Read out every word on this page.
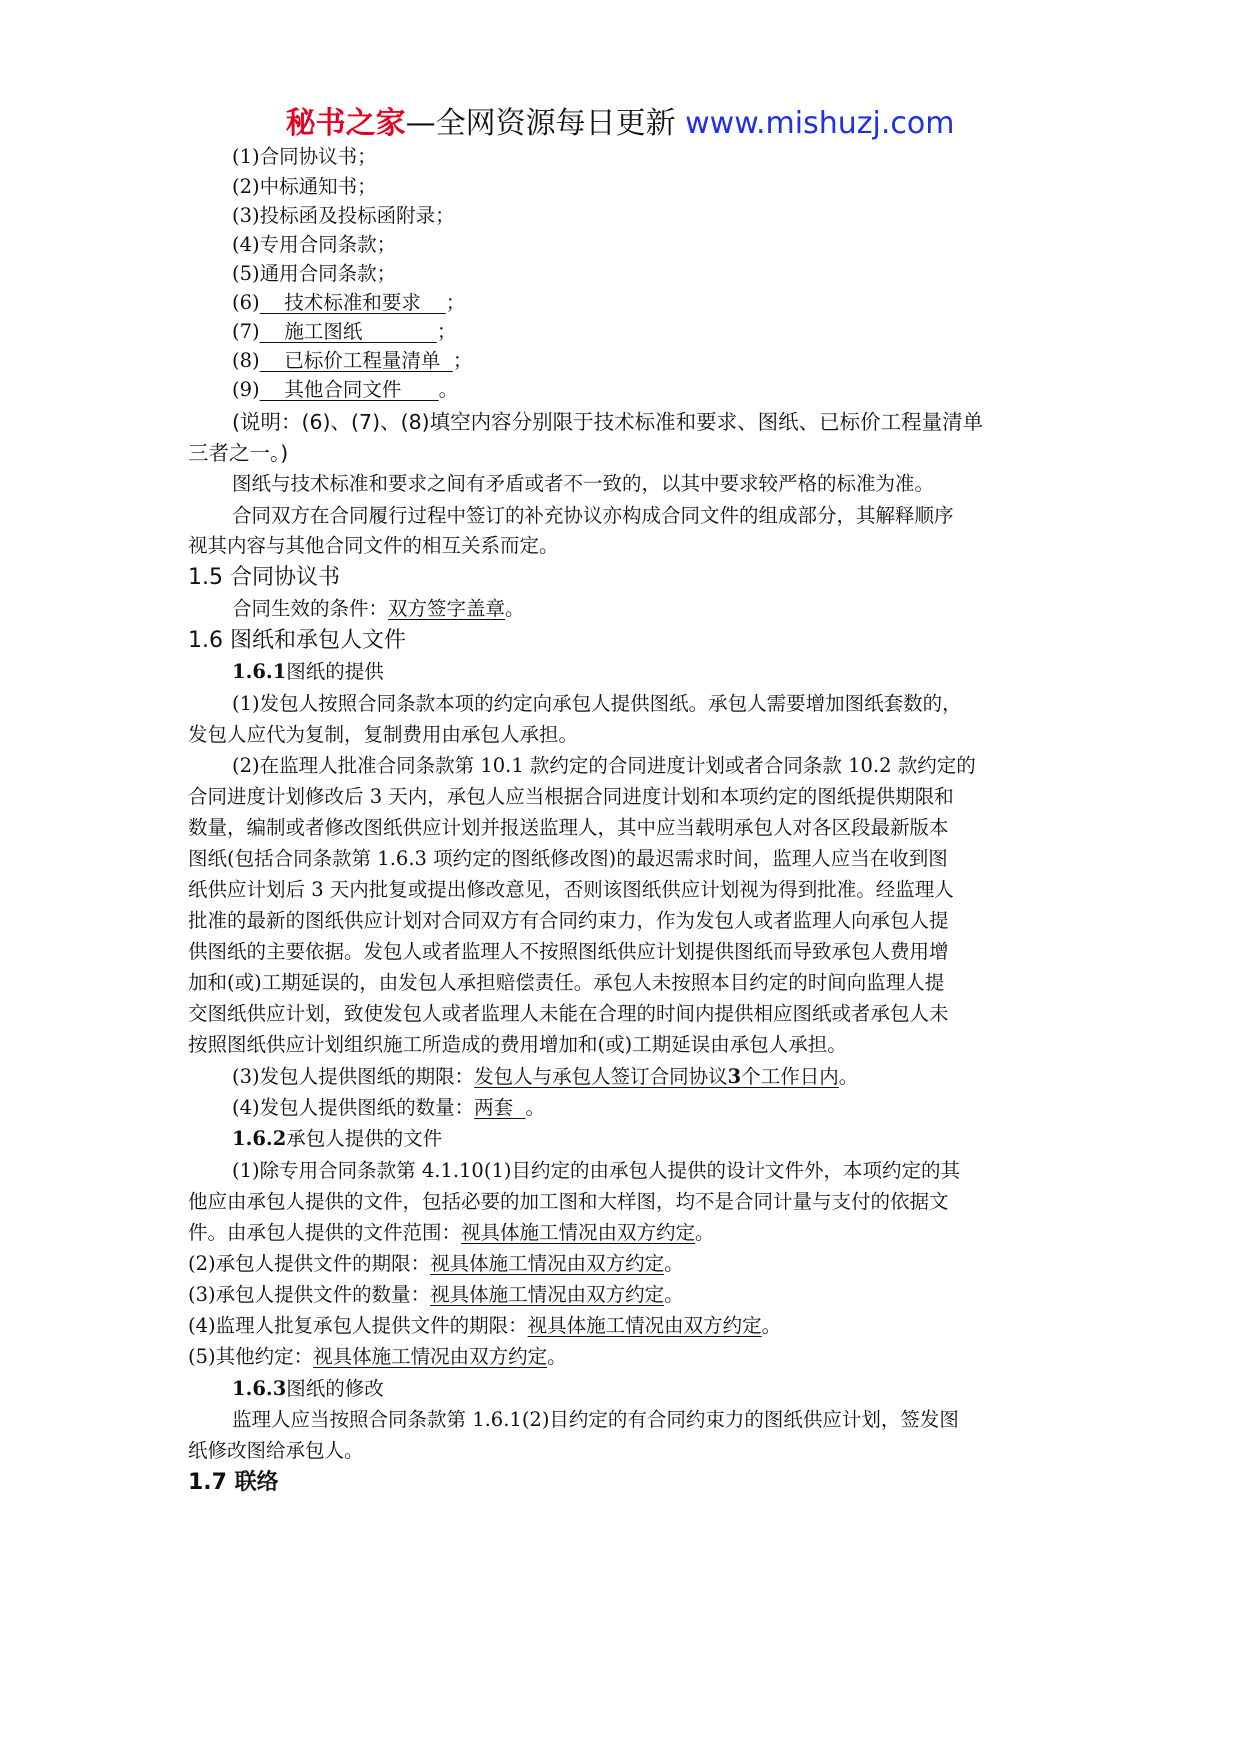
秘书之家—全网资源每日更新 www.mishuzj.com
(1)合同协议书；
(2)中标通知书；
(3)投标函及投标函附录；
(4)专用合同条款；
(5)通用合同条款；
(6)    技术标准和要求    ；
(7)    施工图纸            ；
(8)    已标价工程量清单  ；
(9)    其他合同文件      。
(说明：(6)、(7)、(8)填空内容分别限于技术标准和要求、图纸、已标价工程量清单
三者之一。)
图纸与技术标准和要求之间有矛盾或者不一致的，以其中要求较严格的标准为准。
合同双方在合同履行过程中签订的补充协议亦构成合同文件的组成部分，其解释顺序
视其内容与其他合同文件的相互关系而定。
1.5 合同协议书
合同生效的条件：双方签字盖章。
1.6 图纸和承包人文件
1.6.1图纸的提供
(1)发包人按照合同条款本项的约定向承包人提供图纸。承包人需要增加图纸套数的，
发包人应代为复制，复制费用由承包人承担。
(2)在监理人批准合同条款第 10.1 款约定的合同进度计划或者合同条款 10.2 款约定的
合同进度计划修改后 3 天内，承包人应当根据合同进度计划和本项约定的图纸提供期限和
数量，编制或者修改图纸供应计划并报送监理人，其中应当载明承包人对各区段最新版本
图纸(包括合同条款第 1.6.3 项约定的图纸修改图)的最迟需求时间，监理人应当在收到图
纸供应计划后 3 天内批复或提出修改意见，否则该图纸供应计划视为得到批准。经监理人
批准的最新的图纸供应计划对合同双方有合同约束力，作为发包人或者监理人向承包人提
供图纸的主要依据。发包人或者监理人不按照图纸供应计划提供图纸而导致承包人费用增
加和(或)工期延误的，由发包人承担赔偿责任。承包人未按照本目约定的时间向监理人提
交图纸供应计划，致使发包人或者监理人未能在合理的时间内提供相应图纸或者承包人未
按照图纸供应计划组织施工所造成的费用增加和(或)工期延误由承包人承担。
(3)发包人提供图纸的期限：发包人与承包人签订合同协议3个工作日内。
(4)发包人提供图纸的数量：两套  。
1.6.2承包人提供的文件
(1)除专用合同条款第 4.1.10(1)目约定的由承包人提供的设计文件外，本项约定的其
他应由承包人提供的文件，包括必要的加工图和大样图，均不是合同计量与支付的依据文
件。由承包人提供的文件范围：视具体施工情况由双方约定。
(2)承包人提供文件的期限：视具体施工情况由双方约定。
(3)承包人提供文件的数量：视具体施工情况由双方约定。
(4)监理人批复承包人提供文件的期限：视具体施工情况由双方约定。
(5)其他约定：视具体施工情况由双方约定。
1.6.3图纸的修改
监理人应当按照合同条款第 1.6.1(2)目约定的有合同约束力的图纸供应计划，签发图
纸修改图给承包人。
1.7 联络
